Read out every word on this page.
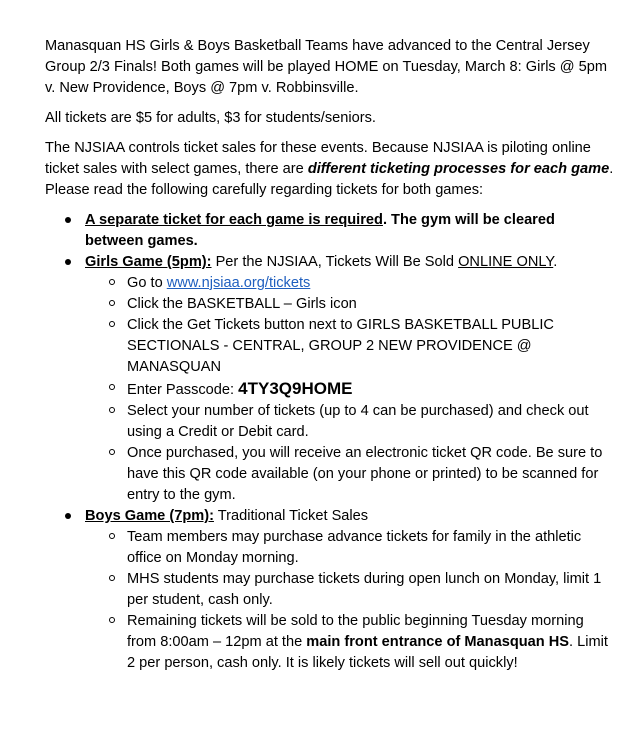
Manasquan HS Girls & Boys Basketball Teams have advanced to the Central Jersey Group 2/3 Finals! Both games will be played HOME on Tuesday, March 8: Girls @ 5pm v. New Providence, Boys @ 7pm v. Robbinsville.

All tickets are $5 for adults, $3 for students/seniors.

The NJSIAA controls ticket sales for these events. Because NJSIAA is piloting online ticket sales with select games, there are different ticketing processes for each game. Please read the following carefully regarding tickets for both games:

A separate ticket for each game is required. The gym will be cleared between games.
Girls Game (5pm): Per the NJSIAA, Tickets Will Be Sold ONLINE ONLY.
Go to www.njsiaa.org/tickets
Click the BASKETBALL – Girls icon
Click the Get Tickets button next to GIRLS BASKETBALL PUBLIC SECTIONALS - CENTRAL, GROUP 2 NEW PROVIDENCE @ MANASQUAN
Enter Passcode: 4TY3Q9HOME
Select your number of tickets (up to 4 can be purchased) and check out using a Credit or Debit card.
Once purchased, you will receive an electronic ticket QR code. Be sure to have this QR code available (on your phone or printed) to be scanned for entry to the gym.
Boys Game (7pm): Traditional Ticket Sales
Team members may purchase advance tickets for family in the athletic office on Monday morning.
MHS students may purchase tickets during open lunch on Monday, limit 1 per student, cash only.
Remaining tickets will be sold to the public beginning Tuesday morning from 8:00am – 12pm at the main front entrance of Manasquan HS. Limit 2 per person, cash only. It is likely tickets will sell out quickly!
